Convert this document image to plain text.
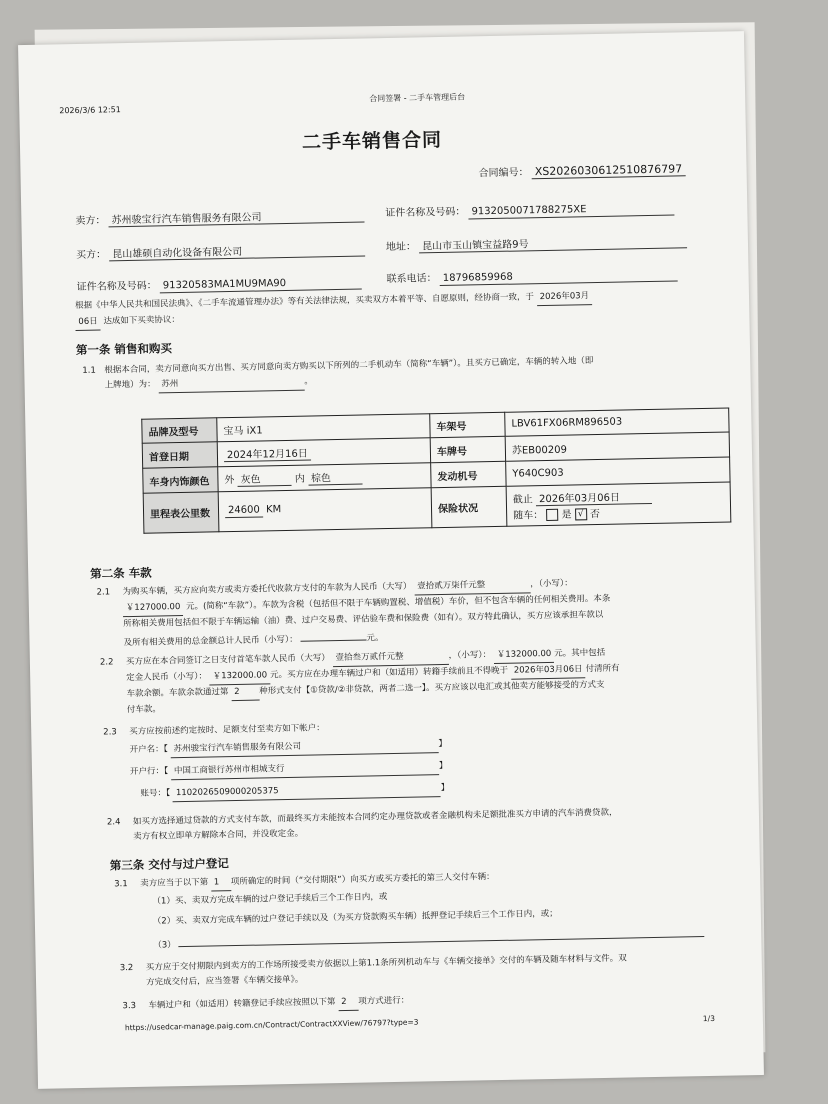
2026/3/6 12:51
合同签署 - 二手车管理后台
二手车销售合同
合同编号： XS2026030612510876797
卖方： 苏州骏宝行汽车销售服务有限公司	证件名称及号码： 9132050071788275XE
买方： 昆山雄硕自动化设备有限公司	地址： 昆山市玉山镇宝益路9号
证件名称及号码： 91320583MA1MU9MA90	联系电话： 18796859968
根据《中华人民共和国民法典》、《二手车流通管理办法》等有关法律法规，买卖双方本着平等、自愿原则，经协商一致，于 2026年03月
06日 达成如下买卖协议：
第一条 销售和购买
1.1 根据本合同，卖方同意向买方出售、买方同意向卖方购买以下所列的二手机动车（简称“车辆”）。且买方已确定，车辆的转入地（即
上牌地）为： 苏州	。
品牌及型号	宝马 iX1	车架号	LBV61FX06RM896503
首登日期	2024年12月16日	车牌号	苏EB00209
车身内饰颜色	外 灰色 内 棕色	发动机号	Y640C903
里程表公里数	24600 KM	保险状况	截止 2026年03月06日
随车： 是 √ 否
第二条 车款
2.1 为购买车辆，买方应向卖方或卖方委托代收款方支付的车款为人民币（大写） 壹拾贰万柒仟元整	，（小写）：
￥127000.00 元。(简称“车款”）。车款为含税（包括但不限于车辆购置税、增值税）车价，但不包含车辆的任何相关费用。本条
所称相关费用包括但不限于车辆运输（油）费、过户交易费、评估验车费和保险费（如有）。双方特此确认，买方应该承担车款以
及所有相关费用的总金额总计人民币（小写）：	元。
2.2 买方应在本合同签订之日支付首笔车款人民币（大写） 壹拾叁万贰仟元整	，（小写）： ￥132000.00 元。其中包括
定金人民币（小写）： ￥132000.00 元。买方应在办理车辆过户和（如适用）转籍手续前且不得晚于 2026年03月06日 付清所有
车款余额。车款余款通过第 2 种形式支付【①贷款/②非贷款，两者二选一】。买方应该以电汇或其他卖方能够接受的方式支
付车款。
2.3 买方应按前述约定按时、足额支付至卖方如下帐户：
开户名：【 苏州骏宝行汽车销售服务有限公司	】
开户行：【 中国工商银行苏州市相城支行	】
账号：【 1102026509000205375	】
2.4 如买方选择通过贷款的方式支付车款，而最终买方未能按本合同约定办理贷款或者金融机构未足额批准买方申请的汽车消费贷款，
卖方有权立即单方解除本合同，并没收定金。
第三条 交付与过户登记
3.1 卖方应当于以下第 1 项所确定的时间（“交付期限”）向买方或买方委托的第三人交付车辆：
（1）买、卖双方完成车辆的过户登记手续后三个工作日内，或
（2）买、卖双方完成车辆的过户登记手续以及（为买方贷款购买车辆）抵押登记手续后三个工作日内，或；
（3）
3.2 买方应于交付期限内到卖方的工作场所接受卖方依据以上第1.1条所列机动车与《车辆交接单》交付的车辆及随车材料与文件。双
方完成交付后，应当签署《车辆交接单》。
3.3 车辆过户和（如适用）转籍登记手续应按照以下第 2 项方式进行：
https://usedcar-manage.paig.com.cn/Contract/ContractXXView/76797?type=3	1/3
